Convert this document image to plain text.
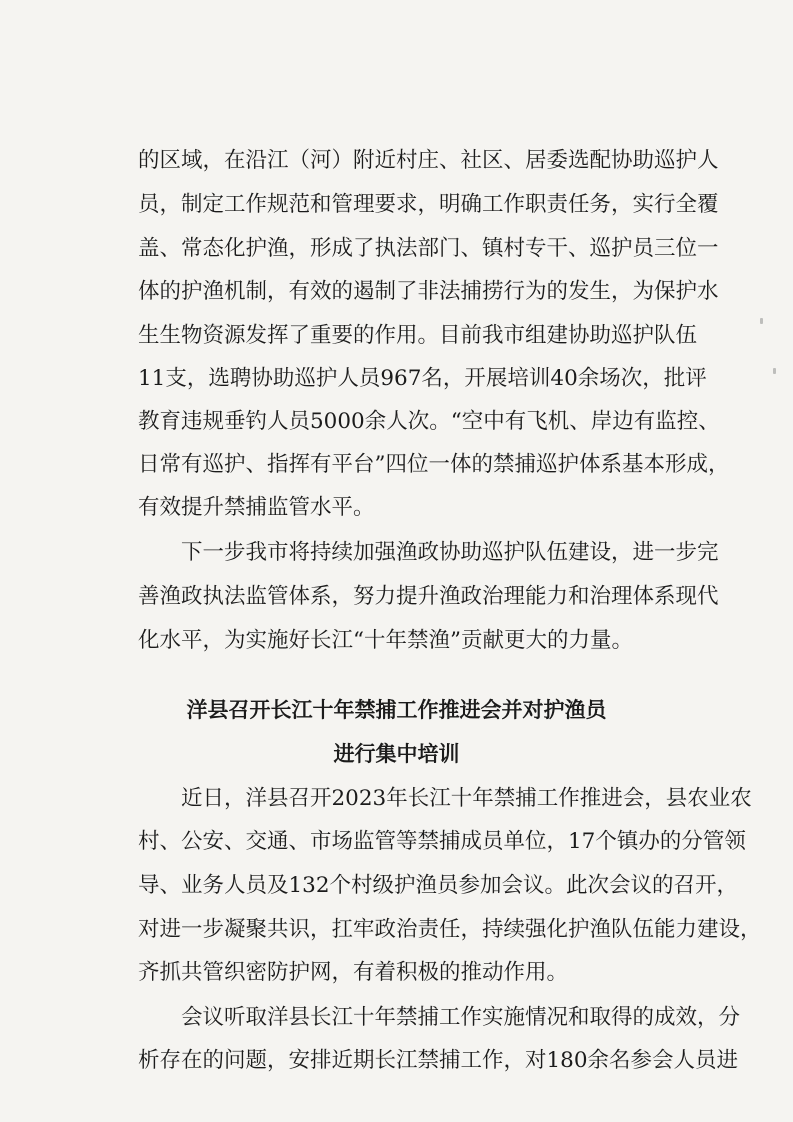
的区域，在沿江（河）附近村庄、社区、居委选配协助巡护人
员，制定工作规范和管理要求，明确工作职责任务，实行全覆
盖、常态化护渔，形成了执法部门、镇村专干、巡护员三位一
体的护渔机制，有效的遏制了非法捕捞行为的发生，为保护水
生生物资源发挥了重要的作用。目前我市组建协助巡护队伍
11支，选聘协助巡护人员967名，开展培训40余场次，批评
教育违规垂钓人员5000余人次。“空中有飞机、岸边有监控、
日常有巡护、指挥有平台”四位一体的禁捕巡护体系基本形成，
有效提升禁捕监管水平。
下一步我市将持续加强渔政协助巡护队伍建设，进一步完
善渔政执法监管体系，努力提升渔政治理能力和治理体系现代
化水平，为实施好长江“十年禁渔”贡献更大的力量。
洋县召开长江十年禁捕工作推进会并对护渔员
进行集中培训
近日，洋县召开2023年长江十年禁捕工作推进会，县农业农
村、公安、交通、市场监管等禁捕成员单位，17个镇办的分管领
导、业务人员及132个村级护渔员参加会议。此次会议的召开，
对进一步凝聚共识，扛牢政治责任，持续强化护渔队伍能力建设，
齐抓共管织密防护网，有着积极的推动作用。
会议听取洋县长江十年禁捕工作实施情况和取得的成效，分
析存在的问题，安排近期长江禁捕工作，对180余名参会人员进
